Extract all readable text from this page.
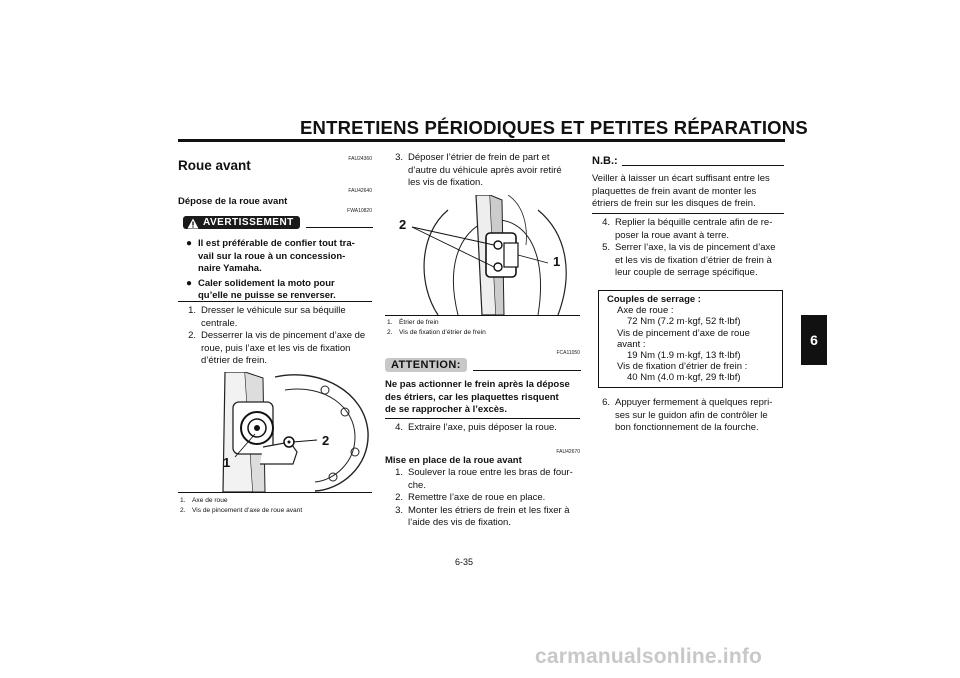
ENTRETIENS PÉRIODIQUES ET PETITES RÉPARATIONS
FAU24360
Roue avant
FAU42640
Dépose de la roue avant
FWA10820
AVERTISSEMENT
● Il est préférable de confier tout tra-
vail sur la roue à un concession-
naire Yamaha.
● Caler solidement la moto pour
qu’elle ne puisse se renverser.
1. Dresser le véhicule sur sa béquille
centrale.
2. Desserrer la vis de pincement d’axe de
roue, puis l’axe et les vis de fixation
d’étrier de frein.
1
2
1. Axe de roue
2. Vis de pincement d’axe de roue avant
3. Déposer l’étrier de frein de part et
d’autre du véhicule après avoir retiré
les vis de fixation.
2
1
1. Étrier de frein
2. Vis de fixation d’étrier de frein
FCA11050
ATTENTION:
Ne pas actionner le frein après la dépose
des étriers, car les plaquettes risquent
de se rapprocher à l’excès.
4. Extraire l’axe, puis déposer la roue.
FAU42670
Mise en place de la roue avant
1. Soulever la roue entre les bras de four-
che.
2. Remettre l’axe de roue en place.
3. Monter les étriers de frein et les fixer à
l’aide des vis de fixation.
N.B.:
Veiller à laisser un écart suffisant entre les
plaquettes de frein avant de monter les
étriers de frein sur les disques de frein.
4. Replier la béquille centrale afin de re-
poser la roue avant à terre.
5. Serrer l’axe, la vis de pincement d’axe
et les vis de fixation d’étrier de frein à
leur couple de serrage spécifique.
Couples de serrage :
Axe de roue :
72 Nm (7.2 m·kgf, 52 ft·lbf)
Vis de pincement d’axe de roue
avant :
19 Nm (1.9 m·kgf, 13 ft·lbf)
Vis de fixation d’étrier de frein :
40 Nm (4.0 m·kgf, 29 ft·lbf)
6. Appuyer fermement à quelques repri-
ses sur le guidon afin de contrôler le
bon fonctionnement de la fourche.
6
6-35
carmanualsonline.info
